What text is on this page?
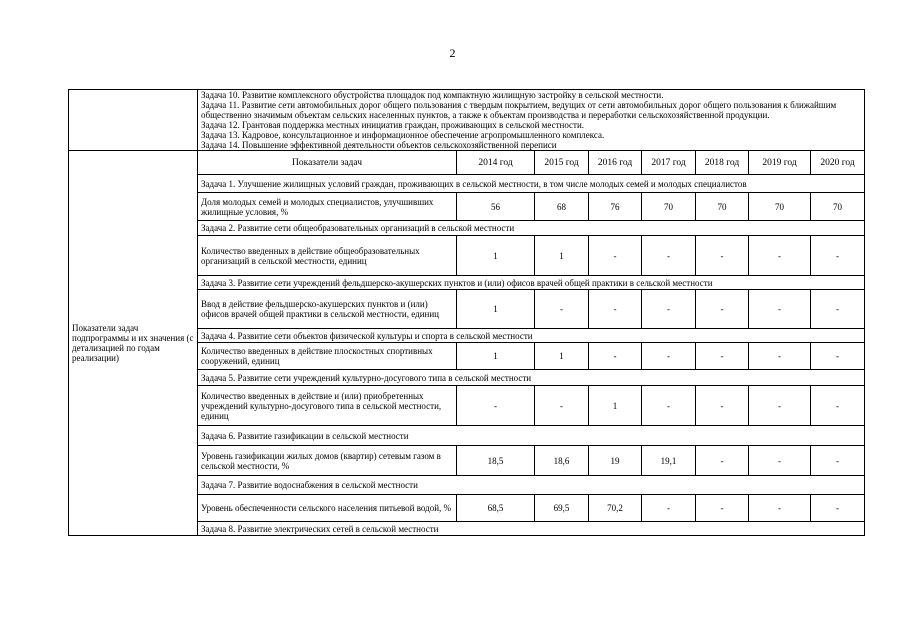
2

	Задача 10. Развитие комплексного обустройства площадок под компактную жилищную застройку в сельской местности.
Задача 11. Развитие сети автомобильных дорог общего пользования с твердым покрытием, ведущих от сети автомобильных дорог общего пользования к ближайшим общественно значимым объектам сельских населенных пунктов, а также к объектам производства и переработки сельскохозяйственной продукции.
Задача 12. Грантовая поддержка местных инициатив граждан, проживающих в сельской местности.
Задача 13. Кадровое, консультационное и информационное обеспечение агропромышленного комплекса.
Задача 14. Повышение эффективной деятельности объектов сельскохозяйственной переписи							

Показатели задач подпрограммы и их значения (с детализацией по годам реализации)	Показатели задач	2014 год	2015 год	2016 год	2017 год	2018 год	2019 год	2020 год
	Задача 1. Улучшение жилищных условий граждан, проживающих в сельской местности, в том числе молодых семей и молодых специалистов							
	Доля молодых семей и молодых специалистов, улучшивших жилищные условия, %	56	68	76	70	70	70	70
	Задача 2. Развитие сети общеобразовательных организаций в сельской местности							
	Количество введенных в действие общеобразовательных организаций в сельской местности, единиц	1	1	-	-	-	-	-
	Задача 3. Развитие сети учреждений фельдшерско-акушерских пунктов и (или) офисов врачей общей практики в сельской местности							
	Ввод в действие фельдшерско-акушерских пунктов и (или) офисов врачей общей практики в сельской местности, единиц	1	-	-	-	-	-	-
	Задача 4. Развитие сети объектов физической культуры и спорта в сельской местности							
	Количество введенных в действие плоскостных спортивных сооружений, единиц	1	1	-	-	-	-	-
	Задача 5. Развитие сети учреждений культурно-досугового типа в сельской местности							
	Количество введенных в действие и (или) приобретенных учреждений культурно-досугового типа в сельской местности, единиц	-	-	1	-	-	-	-
	Задача 6. Развитие газификации в сельской местности							
	Уровень газификации жилых домов (квартир) сетевым газом в сельской местности, %	18,5	18,6	19	19,1	-	-	-
	Задача 7. Развитие водоснабжения в сельской местности							
	Уровень обеспеченности сельского населения питьевой водой, %	68,5	69,5	70,2	-	-	-	-
	Задача 8. Развитие электрических сетей в сельской местности							
